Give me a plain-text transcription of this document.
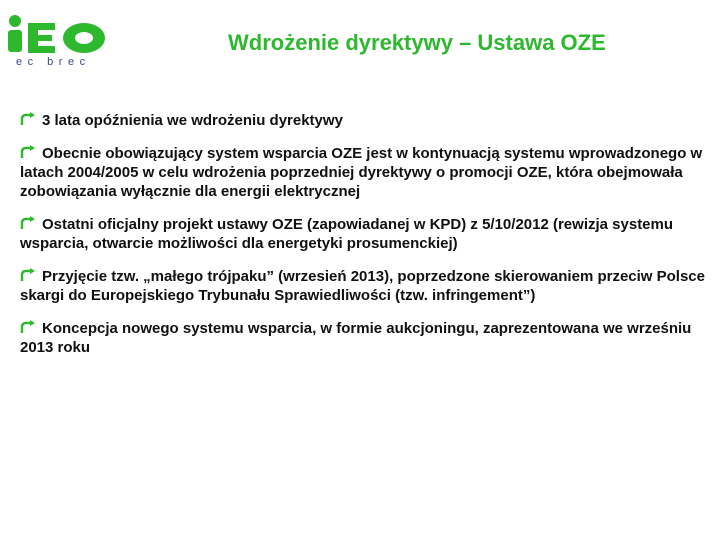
ec brec
Wdrożenie dyrektywy – Ustawa OZE
3 lata opóźnienia we wdrożeniu dyrektywy
Obecnie obowiązujący system wsparcia OZE jest w kontynuacją systemu wprowadzonego w latach 2004/2005 w celu wdrożenia poprzedniej dyrektywy o promocji OZE, która obejmowała zobowiązania wyłącznie dla energii elektrycznej
Ostatni oficjalny projekt ustawy OZE (zapowiadanej w KPD) z 5/10/2012 (rewizja systemu wsparcia, otwarcie możliwości dla energetyki prosumenckiej)
Przyjęcie tzw. „małego trójpaku” (wrzesień 2013), poprzedzone skierowaniem przeciw Polsce skargi do Europejskiego Trybunału Sprawiedliwości (tzw. infringement”)
Koncepcja nowego systemu wsparcia, w formie aukcjoningu, zaprezentowana we wrześniu 2013 roku
